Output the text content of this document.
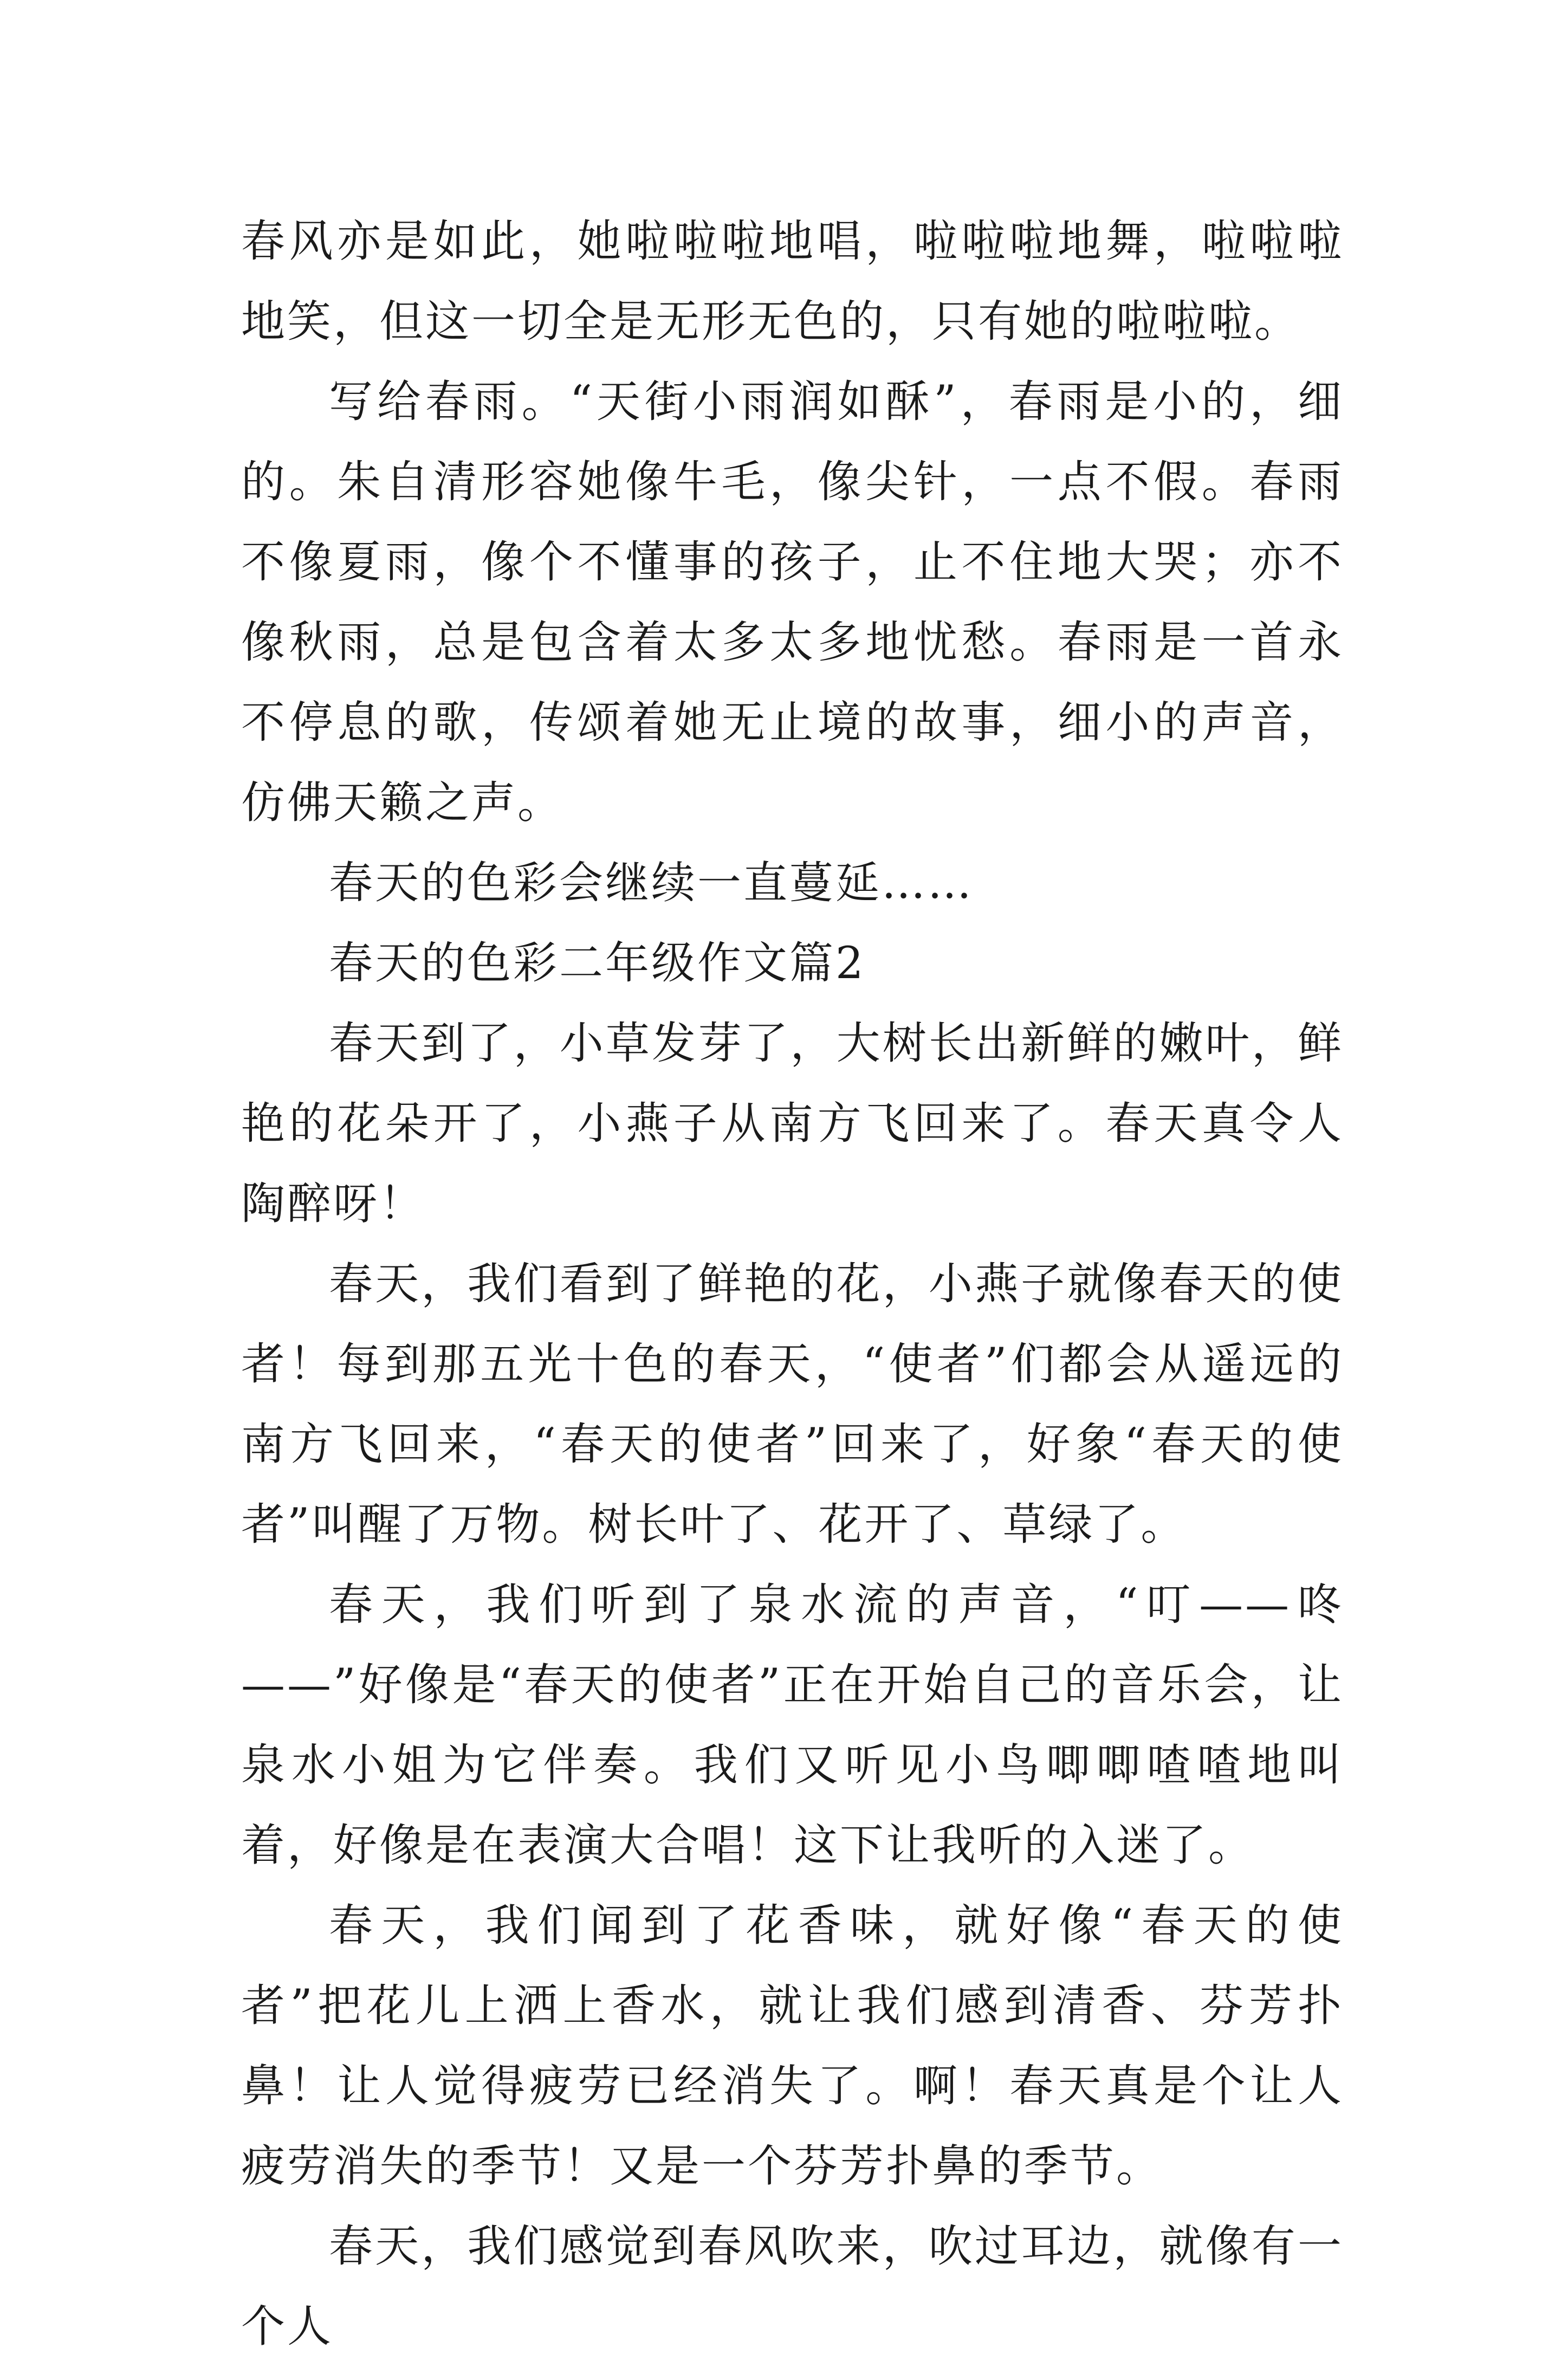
春风亦是如此，她啦啦啦地唱，啦啦啦地舞，啦啦啦地笑，但这一切全是无形无色的，只有她的啦啦啦。

写给春雨。“天街小雨润如酥”，春雨是小的，细的。朱自清形容她像牛毛，像尖针，一点不假。春雨不像夏雨，像个不懂事的孩子，止不住地大哭；亦不像秋雨，总是包含着太多太多地忧愁。春雨是一首永不停息的歌，传颂着她无止境的故事，细小的声音，仿佛天籁之声。

春天的色彩会继续一直蔓延……

春天的色彩二年级作文篇2

春天到了，小草发芽了，大树长出新鲜的嫩叶，鲜艳的花朵开了，小燕子从南方飞回来了。春天真令人陶醉呀！

春天，我们看到了鲜艳的花，小燕子就像春天的使者！每到那五光十色的春天，“使者”们都会从遥远的南方飞回来，“春天的使者”回来了，好象“春天的使者”叫醒了万物。树长叶了、花开了、草绿了。

春天，我们听到了泉水流的声音，“叮——咚——”好像是“春天的使者”正在开始自己的音乐会，让泉水小姐为它伴奏。我们又听见小鸟唧唧喳喳地叫着，好像是在表演大合唱！这下让我听的入迷了。

春天，我们闻到了花香味，就好像“春天的使者”把花儿上洒上香水，就让我们感到清香、芬芳扑鼻！让人觉得疲劳已经消失了。啊！春天真是个让人疲劳消失的季节！又是一个芬芳扑鼻的季节。

春天，我们感觉到春风吹来，吹过耳边，就像有一个人
